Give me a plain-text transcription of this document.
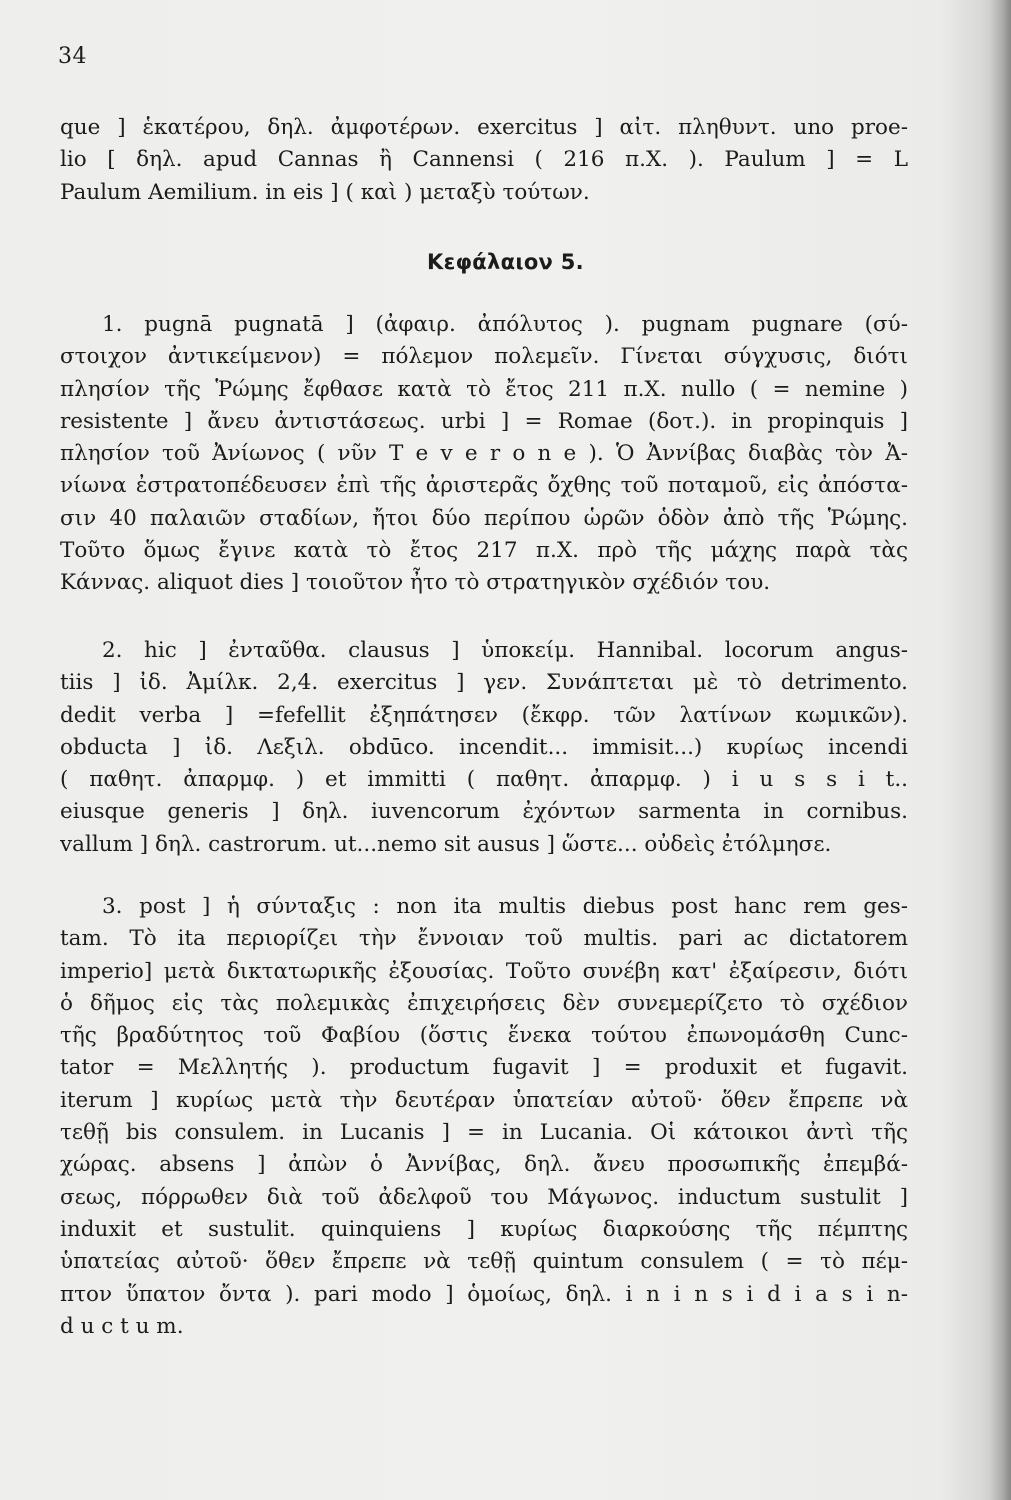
34
que ] ἑκατέρου, δηλ. ἀμφοτέρων. exercitus ] αἰτ. πληθυντ. uno proe-
lio [ δηλ. apud Cannas ἢ Cannensi ( 216 π.Χ. ). Paulum ] = L
Paulum Aemilium. in eis ] ( καὶ ) μεταξὺ τούτων.
Κεφάλαιον 5.
1. pugnā pugnatā ] (ἀφαιρ. ἀπόλυτος ). pugnam pugnare (σύ-
στοιχον ἀντικείμενον) = πόλεμον πολεμεῖν. Γίνεται σύγχυσις, διότι
πλησίον τῆς Ῥώμης ἔφθασε κατὰ τὸ ἔτος 211 π.Χ. nullo ( = nemine )
resistente ] ἄνευ ἀντιστάσεως. urbi ] = Romae (δοτ.). in propinquis ]
πλησίον τοῦ Ἀνίωνος ( νῦν T e v e r o n e ). Ὁ Ἀννίβας διαβὰς τὸν Ἀ-
νίωνα ἐστρατοπέδευσεν ἐπὶ τῆς ἀριστερᾶς ὄχθης τοῦ ποταμοῦ, εἰς ἀπόστα-
σιν 40 παλαιῶν σταδίων, ἤτοι δύο περίπου ὡρῶν ὁδὸν ἀπὸ τῆς Ῥώμης.
Τοῦτο ὅμως ἔγινε κατὰ τὸ ἔτος 217 π.Χ. πρὸ τῆς μάχης παρὰ τὰς
Κάννας. aliquot dies ] τοιοῦτον ἦτο τὸ στρατηγικὸν σχέδιόν του.
2. hic ] ἐνταῦθα. clausus ] ὑποκείμ. Hannibal. locorum angus-
tiis ] ἰδ. Ἀμίλκ. 2,4. exercitus ] γεν. Συνάπτεται μὲ τὸ detrimento.
dedit verba ] =fefellit ἐξηπάτησεν (ἔκφρ. τῶν λατίνων κωμικῶν).
obducta ] ἰδ. Λεξιλ. obdūco. incendit... immisit...) κυρίως incendi
( παθητ. ἀπαρμφ. ) et immitti ( παθητ. ἀπαρμφ. ) i u s s i t..
eiusque generis ] δηλ. iuvencorum ἐχόντων sarmenta in cornibus.
vallum ] δηλ. castrorum. ut...nemo sit ausus ] ὥστε... οὐδεὶς ἐτόλμησε.
3. post ] ἡ σύνταξις : non ita multis diebus post hanc rem ges-
tam. Τὸ ita περιορίζει τὴν ἔννοιαν τοῦ multis. pari ac dictatorem
imperio] μετὰ δικτατωρικῆς ἐξουσίας. Τοῦτο συνέβη κατ' ἐξαίρεσιν, διότι
ὁ δῆμος εἰς τὰς πολεμικὰς ἐπιχειρήσεις δὲν συνεμερίζετο τὸ σχέδιον
τῆς βραδύτητος τοῦ Φαβίου (ὅστις ἕνεκα τούτου ἐπωνομάσθη Cunc-
tator = Μελλητής ). productum fugavit ] = produxit et fugavit.
iterum ] κυρίως μετὰ τὴν δευτέραν ὑπατείαν αὐτοῦ· ὅθεν ἔπρεπε νὰ
τεθῇ bis consulem. in Lucanis ] = in Lucania. Οἱ κάτοικοι ἀντὶ τῆς
χώρας. absens ] ἀπὼν ὁ Ἀννίβας, δηλ. ἄνευ προσωπικῆς ἐπεμβά-
σεως, πόρρωθεν διὰ τοῦ ἀδελφοῦ του Μάγωνος. inductum sustulit ]
induxit et sustulit. quinquiens ] κυρίως διαρκούσης τῆς πέμπτης
ὑπατείας αὐτοῦ· ὅθεν ἔπρεπε νὰ τεθῇ quintum consulem ( = τὸ πέμ-
πτον ὕπατον ὄντα ). pari modo ] ὁμοίως, δηλ. i n i n s i d i a s i n-
d u c t u m.
